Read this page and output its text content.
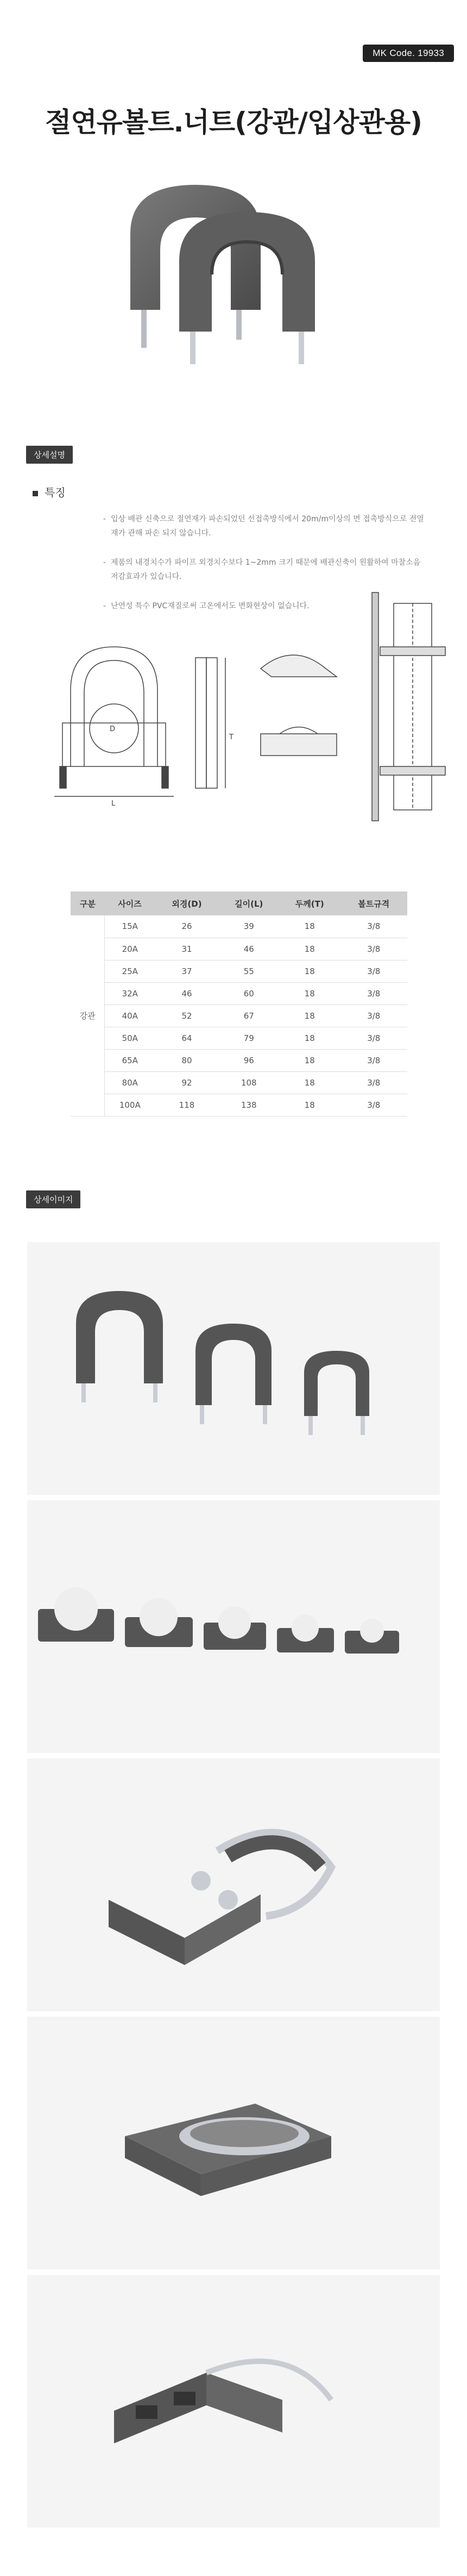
MK Code. 19933
절연유볼트.너트(강관/입상관용)
상세설명
특징
- 입상 배관 신축으로 절연재가 파손되었던 선접촉방식에서 20m/m이상의 면 접촉방식으로 전열재가 관해 파손 되지 않습니다.
- 제품의 내경치수가 파이프 외경치수보다 1~2mm 크기 때문에 배관신축이 원활하여 마찰소음 저감효과가 있습니다.
- 난연성 특수 PVC재질로써 고온에서도 변화현상이 없습니다.
L
D
T
구분	사이즈	외경(D)	길이(L)	두께(T)	볼트규격
강관	15A	26	39	18	3/8
	20A	31	46	18	3/8
	25A	37	55	18	3/8
	32A	46	60	18	3/8
	40A	52	67	18	3/8
	50A	64	79	18	3/8
	65A	80	96	18	3/8
	80A	92	108	18	3/8
	100A	118	138	18	3/8
상세이미지
